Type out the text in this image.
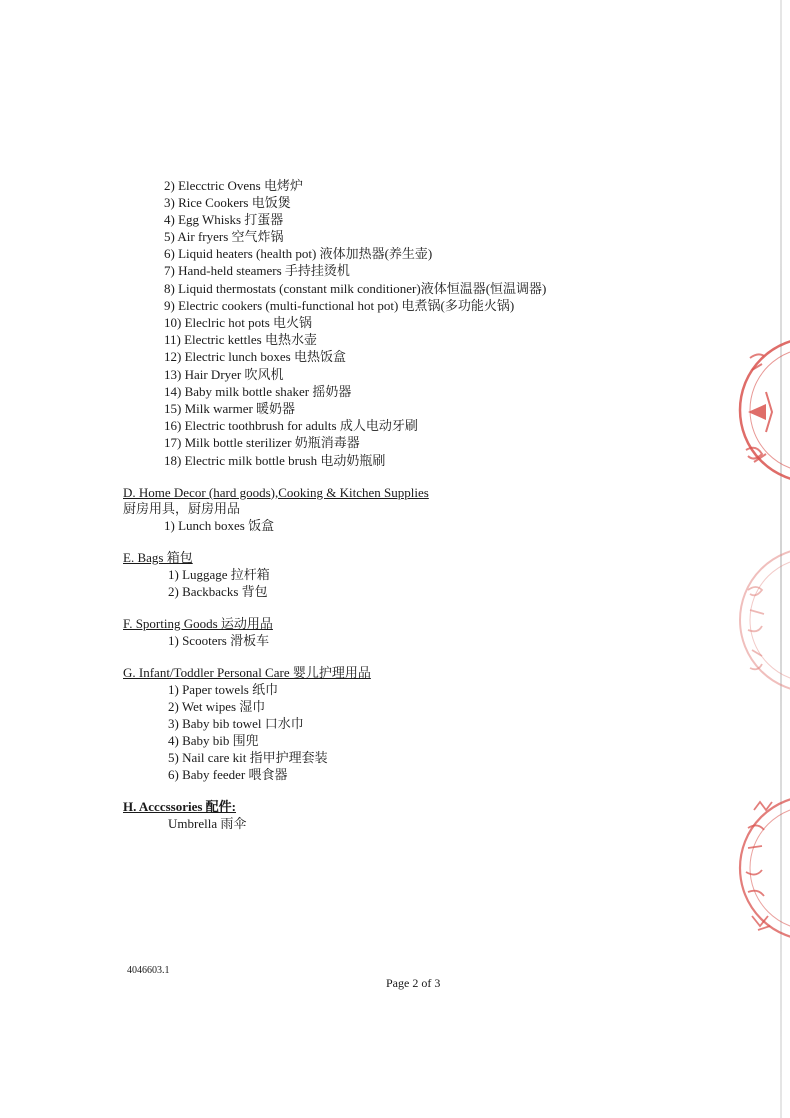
2) Elecctric Ovens 电烤炉
3) Rice Cookers 电饭煲
4) Egg Whisks 打蛋器
5) Air fryers 空气炸锅
6) Liquid heaters (health pot) 液体加热器(养生壶)
7) Hand-held steamers 手持挂烫机
8) Liquid thermostats (constant milk conditioner)液体恒温器(恒温调器)
9) Electric cookers (multi-functional hot pot) 电煮锅(多功能火锅)
10) Eleclric hot pots 电火锅
11) Electric kettles 电热水壶
12) Electric lunch boxes 电热饭盒
13) Hair Dryer 吹风机
14) Baby milk bottle shaker 摇奶器
15) Milk warmer 暖奶器
16) Electric toothbrush for adults 成人电动牙刷
17) Milk bottle sterilizer 奶瓶消毒器
18) Electric milk bottle brush 电动奶瓶刷
D. Home Decor (hard goods),Cooking & Kitchen Supplies
厨房用具，厨房用品
1) Lunch boxes 饭盒
E. Bags 箱包
1) Luggage 拉杆箱
2) Backbacks 背包
F. Sporting Goods 运动用品
1) Scooters 滑板车
G. Infant/Toddler Personal Care 婴儿护理用品
1) Paper towels 纸巾
2) Wet wipes 湿巾
3) Baby bib towel 口水巾
4) Baby bib 围兜
5) Nail care kit 指甲护理套装
6) Baby feeder 喂食器
H. Acccssories 配件:
Umbrella 雨伞
4046603.1
Page 2 of 3
